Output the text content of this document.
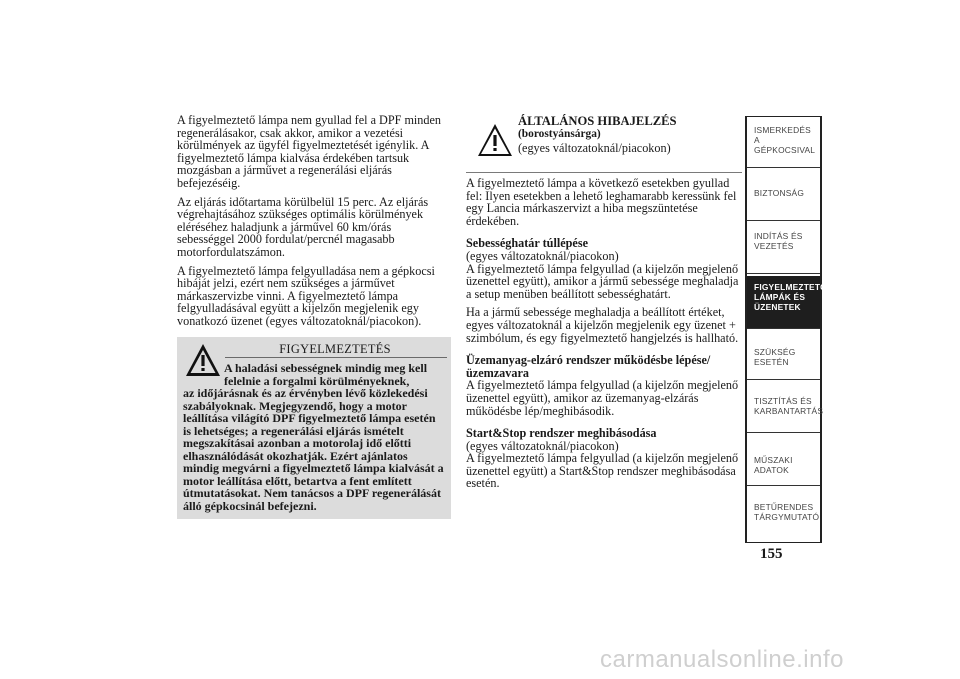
A figyelmeztető lámpa nem gyullad fel a DPF minden regenerálásakor, csak akkor, amikor a vezetési körülmények az ügyfél figyelmeztetését igénylik. A figyelmeztető lámpa kialvása érdekében tartsuk mozgásban a járművet a regenerálási eljárás befejezéséig.

Az eljárás időtartama körülbelül 15 perc. Az eljárás végrehajtásához szükséges optimális körülmények eléréséhez haladjunk a járművel 60 km/órás sebességgel 2000 fordulat/percnél magasabb motorfordulatszámon.

A figyelmeztető lámpa felgyulladása nem a gépkocsi hibáját jelzi, ezért nem szükséges a járművet márkaszervizbe vinni. A figyelmeztető lámpa felgyulladásával együtt a kijelzőn megjelenik egy vonatkozó üzenet (egyes változatoknál/piacokon).

FIGYELMEZTETÉS
A haladási sebességnek mindig meg kell
felelnie a forgalmi körülményeknek,
az időjárásnak és az érvényben lévő közlekedési szabályoknak. Megjegyzendő, hogy a motor leállítása világító DPF figyelmeztető lámpa esetén is lehetséges; a regenerálási eljárás ismételt megszakításai azonban a motorolaj idő előtti elhasználódását okozhatják. Ezért ajánlatos mindig megvárni a figyelmeztető lámpa kialvását a motor leállítása előtt, betartva a fent említett útmutatásokat. Nem tanácsos a DPF regenerálását álló gépkocsinál befejezni.
ÁLTALÁNOS HIBAJELZÉS
(borostyánsárga)
(egyes változatoknál/piacokon)

A figyelmeztető lámpa a következő esetekben gyullad fel: Ilyen esetekben a lehető leghamarabb keressünk fel egy Lancia márkaszervizt a hiba megszüntetése érdekében.

Sebességhatár túllépése
(egyes változatoknál/piacokon)

A figyelmeztető lámpa felgyullad (a kijelzőn megjelenő üzenettel együtt), amikor a jármű sebessége meghaladja a setup menüben beállított sebességhatárt.

Ha a jármű sebessége meghaladja a beállított értéket, egyes változatoknál a kijelzőn megjelenik egy üzenet + szimbólum, és egy figyelmeztető hangjelzés is hallható.

Üzemanyag-elzáró rendszer működésbe lépése/ üzemzavara

A figyelmeztető lámpa felgyullad (a kijelzőn megjelenő üzenettel együtt), amikor az üzemanyag-elzárás működésbe lép/meghibásodik.

Start&Stop rendszer meghibásodása
(egyes változatoknál/piacokon)

A figyelmeztető lámpa felgyullad (a kijelzőn megjelenő üzenettel együtt) a Start&Stop rendszer meghibásodása esetén.

ISMERKEDÉS A
GÉPKOCSIVAL
BIZTONSÁG
INDÍTÁS ÉS
VEZETÉS
FIGYELMEZTETŐ
LÁMPÁK ÉS
ÜZENETEK
SZÜKSÉG ESETÉN
TISZTÍTÁS ÉS
KARBANTARTÁS
MŰSZAKI ADATOK
BETŰRENDES
TÁRGYMUTATÓ
155
carmanualsonline.info
